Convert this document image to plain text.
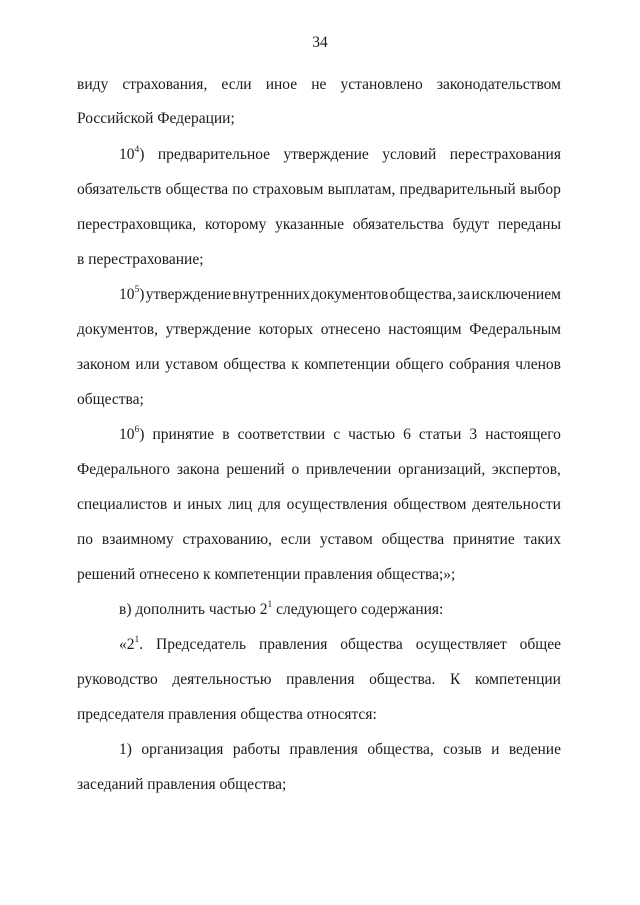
34
виду страхования, если иное не установлено законодательством
Российской Федерации;
$10^4$) предварительное утверждение условий перестрахования
обязательств общества по страховым выплатам, предварительный выбор
перестраховщика, которому указанные обязательства будут переданы
в перестрахование;
$10^5$) утверждение внутренних документов общества, за исключением
документов, утверждение которых отнесено настоящим Федеральным
законом или уставом общества к компетенции общего собрания членов
общества;
$10^6$) принятие в соответствии с частью 6 статьи 3 настоящего
Федерального закона решений о привлечении организаций, экспертов,
специалистов и иных лиц для осуществления обществом деятельности
по взаимному страхованию, если уставом общества принятие таких
решений отнесено к компетенции правления общества;»;
в) дополнить частью $2^1$ следующего содержания:
«$2^1$. Председатель правления общества осуществляет общее
руководство деятельностью правления общества. К компетенции
председателя правления общества относятся:
1) организация работы правления общества, созыв и ведение
заседаний правления общества;
